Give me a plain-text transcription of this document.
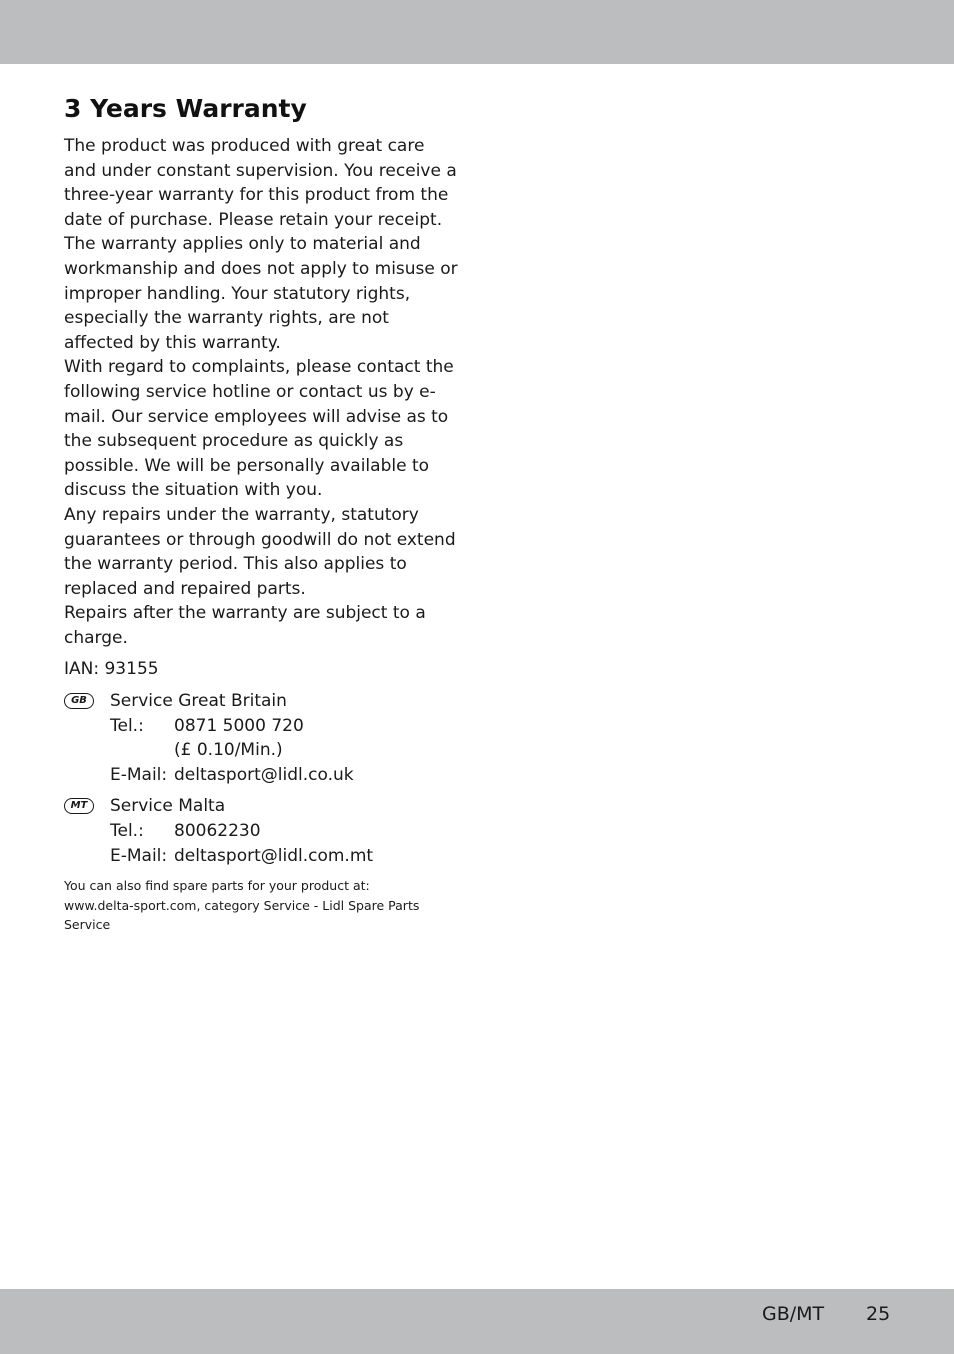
3 Years Warranty

The product was produced with great care and under constant supervision. You receive a three-year warranty for this product from the date of purchase. Please retain your receipt.

The warranty applies only to material and workmanship and does not apply to misuse or improper handling. Your statutory rights, especially the warranty rights, are not affected by this warranty.

With regard to complaints, please contact the following service hotline or contact us by e-mail. Our service employees will advise as to the subsequent procedure as quickly as possible. We will be personally available to discuss the situation with you.

Any repairs under the warranty, statutory guarantees or through goodwill do not extend the warranty period. This also applies to replaced and repaired parts.

Repairs after the warranty are subject to a charge.

IAN: 93155

GB	Service Great Britain
Tel.:	0871 5000 720
(£ 0.10/Min.)
E-Mail: deltasport@lidl.co.uk
MT	Service Malta
Tel.:	80062230
E-Mail: deltasport@lidl.com.mt

You can also find spare parts for your product at: www.delta-sport.com, category Service - Lidl Spare Parts Service

GB/MT 25
